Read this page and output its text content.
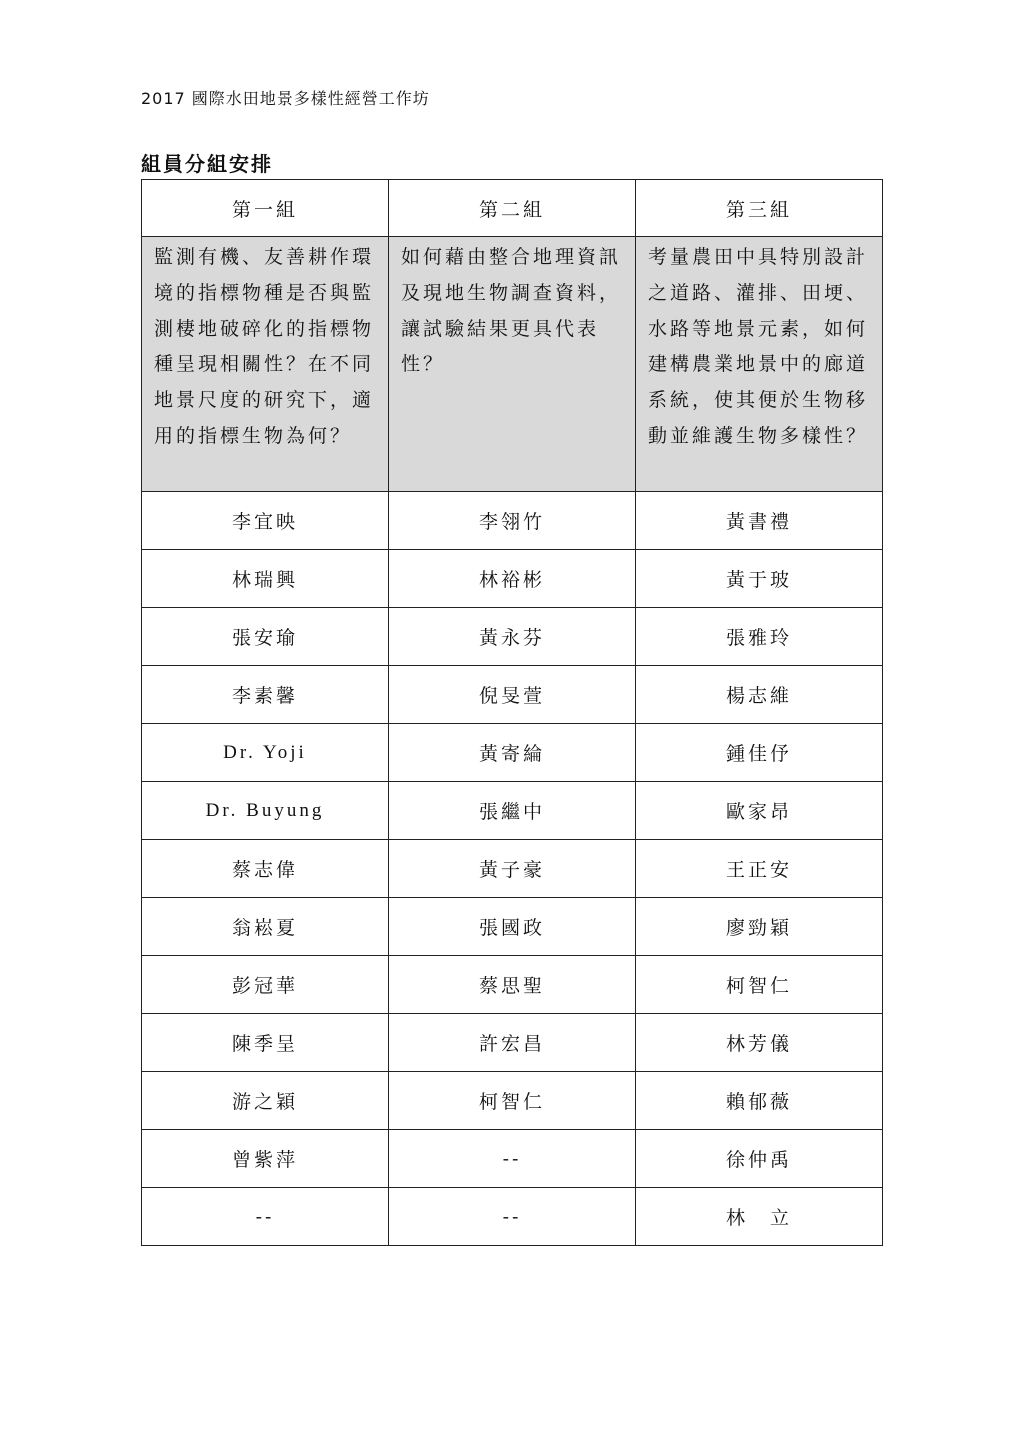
2017 國際水田地景多樣性經營工作坊
組員分組安排
第一組	第二組	第三組
監測有機、友善耕作環境的指標物種是否與監測棲地破碎化的指標物種呈現相關性？在不同地景尺度的研究下，適用的指標生物為何？	如何藉由整合地理資訊及現地生物調查資料，讓試驗結果更具代表性？	考量農田中具特別設計之道路、灌排、田埂、水路等地景元素，如何建構農業地景中的廊道系統，使其便於生物移動並維護生物多樣性？
李宜映	李翎竹	黃書禮
林瑞興	林裕彬	黃于玻
張安瑜	黃永芬	張雅玲
李素馨	倪旻萱	楊志維
Dr. Yoji	黃寄綸	鍾佳伃
Dr. Buyung	張繼中	歐家昂
蔡志偉	黃子豪	王正安
翁崧夏	張國政	廖勁穎
彭冠華	蔡思聖	柯智仁
陳季呈	許宏昌	林芳儀
游之穎	柯智仁	賴郁薇
曾紫萍	--	徐仲禹
--	--	林　立
